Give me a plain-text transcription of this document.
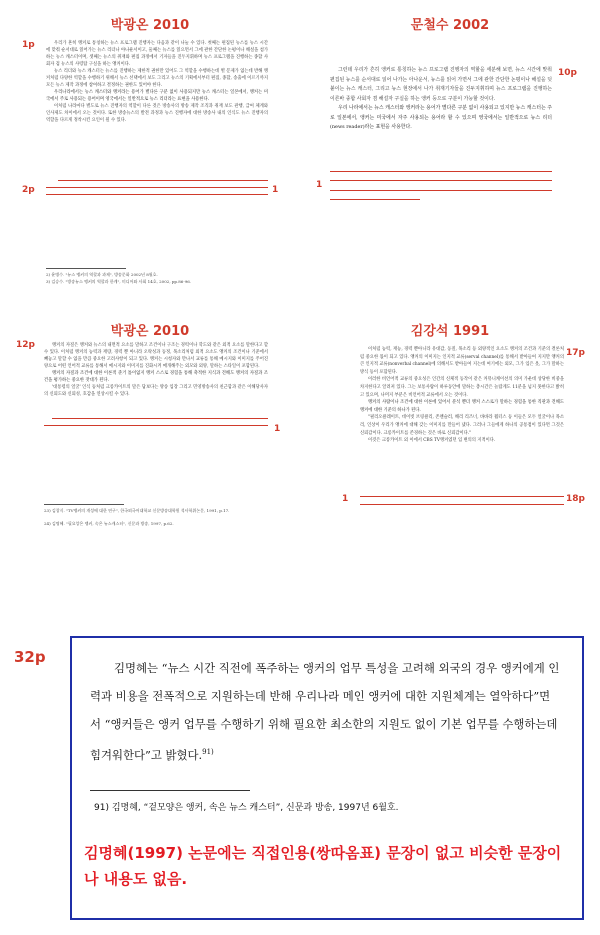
박광온 2010
1p
2p	1

우리가 흔히 앵커로 통칭하는 뉴스 프로그램 진행자는 다음과 같이 나눌 수 있다. 첫째는 편집된 뉴스를 뉴스 시간에 맞춰 순서대로 읽어가는 뉴스 리더나 아나운서이고, 둘째는 뉴스를 읽으면서 그에 관한 간단한 논평이나 해설을 첨가하는 뉴스 캐스터이며, 셋째는 뉴스의 취재와 편집 과정에서 기자들을 진두지휘하며 뉴스 프로그램을 진행하는 종합 사회자 겸 뉴스의 사령탑 구실을 하는 앵커이다.

뉴스 리더와 뉴스 캐스터는 뉴스를 진행하는 제한적 권한만 있어도 그 역할을 수행하는데 별 문제가 없는데 반해 앵커처럼 다양한 역할을 수행하기 위해서 뉴스 선택에서 보도 그리고 뉴스의 기획에서부터 편집, 종합, 송출에 이르기까지 모든 뉴스 제작 과정에 참여하고 결정하는 권한도 있어야 한다.

우리나라에서는 뉴스 캐스터와 앵커라는 용어가 별다른 구분 없이 사용되지만 뉴스 캐스터는 일본에서, 앵커는 미국에서 주로 사용되는 용어이며 영국에서는 일반적으로 뉴스 리더라는 표현을 사용한다.

이처럼 나라마다 별도로 뉴스 진행자의 역할이 다른 것은 방송사의 방송 제작 조직과 취재 보도 관행, 급여 체계와 인사제도 차이에서 오는 것이다. 또한 방송뉴스의 발전 과정과 뉴스 진행자에 대한 방송사 내의 인식도 뉴스 진행자의 역할을 다르게 정착시킨 요인이 될 수 있다.

2) 윤병수. "뉴스 앵커의 역할과 과제", 방송문화 2002년 8월호.
3) 김승수. "방송뉴스 앵커의 역할과 한계", 미디어와 사회 14호, 2002, pp.86-96.
문철수 2002
10p
1

그런데 우리가 흔히 앵커로 통칭하는 뉴스 프로그램 진행자의 역할을 세분해 보면, 뉴스 시간에 맞춰 편집된 뉴스를 순서대로 읽어 나가는 아나운서, 뉴스를 읽어 가면서 그에 관한 간단한 논평이나 해설을 덧붙이는 뉴스 캐스터, 그리고 뉴스 현장에서 나가 취재기자들을 진두지휘하며 뉴스 프로그램을 진행하는 이른바 종합 사회자 겸 해설자 구실을 하는 앵커 등으로 구분이 가능할 것이다.

우리 나라에서는 뉴스 캐스터와 앵커라는 용어가 별다른 구분 없이 사용되고 있지만 뉴스 캐스터는 주로 일본에서, 앵커는 미국에서 자주 사용되는 용어라 할 수 있으며 영국에서는 일반적으로 뉴스 리더(news reader)라는 표현을 사용한다.

박광온 2010
12p
1

앵커의 자질은 앵커와 뉴스의 내면적 요소를 말하고 조건이나 구조는 경력이나 학도와 같은 외적 요소를 말한다고 할 수 있다. 이처럼 앵커의 능력과 재량, 경력 뿐 아니라 오락성과 동정, 목소리처럼 외적 요소도 앵커의 조건이나 기준에서 빼놓고 말할 수 없을 만큼 중요한 고려사항이 되고 있다. 앵커는 시청자와 만나서 교류를 통해 메시지와 이미지를 주어진 양으로 어떤 언어적 교류를 통해서 메시지와 이미지를 진화시켜 매개해주는 외모와 외양, 말하는 스타일이 포함된다.

앵커의 자질과 조건에 대한 이론적 준거 틀이없지 앵커 스스로 경험을 통해 축적한 지식과 견해도 앵커의 자질과 조건을 평가하는 중요한 잣대가 된다.

'대통령의 얼굴' 인식 등처럼 크롱카이트의 말은 답보다는 방송 입장 그리고 민영방송사의 친근함과 같은 이해당사자의 신뢰도와 신뢰성, 호감을 연상시킬 수 있다.

23) 김창식. "TV앵커의 개성에 대한 연구", 한국외국어대학교 신문방송대학원 석사학위논문, 1991, p.17.
24) 김명혜. "필요앙은 앵커, 숙은 뉴스캐스터", 신문과 방송, 1997, p.62.
김강석 1991
17p
18p
1

이처럼 능력, 재능, 경력 뿐아니라 유대감, 동질, 목소리 등 외양적인 요소도 앵커의 조건과 기준의 결론처럼 중요한 몫이 되고 있다. 앵커의 이미지는 인지적 교류(serval channel)를 통해서 받아들여 지지만 앵커의 큰 인지적 교류(nonverbal channel)에 의해서도 받아들여 지는데 여기에는 외모, 그가 입은 옷, 그가 말하는 방식 등이 포함된다.

이러한 비언어적 교류의 중요성은 인간의 신체적 동작이 같은 커뮤니케이션의 의미 가운데 상당한 비중을 차지한다고 알려져 있다. 그는 보통사람이 하루동안에 말하는 총시간은 놀랍게도 11분을 넘지 못한다고 밝히고 있으며, 나머지 부분은 비언어적 교류에서 오는 것이다.

앵커의 사람이나 조건에 대한 이론에 있어서 분석 뿐더 앵커 스스로가 말하는 경험을 통한 직관과 견해도 앵커에 대한 기준의 하나가 된다.

"필리오클레이트, 데이빗 브링클리, 존챈슬러, 해리 리즈너, 바바라 월터스 등 이들은 모두 얼굴이나 목소리, 인상이 우리가 앵커에 대해 갖는 이미지를 만들어 냈다. 그러나 그들에게 하나의 공통점이 있다면 그것은 신뢰감이다. 크롱카이트를 존경하는 것은 바로 신뢰감이다."

이것은 크롱카이트 외 이에서 CBS TV앵커였던 입 변의의 지적이다.

32p
김명혜는 “뉴스 시간 직전에 폭주하는 앵커의 업무 특성을 고려해 외국의 경우 앵커에게 인력과 비용을 전폭적으로 지원하는데 반해 우리나라 메인 앵커에 대한 지원체계는 열악하다”면서 “앵커들은 앵커 업무를 수행하기 위해 필요한 최소한의 지원도 없이 기본 업무를 수행하는데 힘겨워한다”고 밝혔다.$^{91)}$
91) 김명혜, “겉모양은 앵커, 속은 뉴스 캐스터”, 신문과 방송, 1997년 6월호.
김명혜(1997) 논문에는 직접인용(쌍따옴표) 문장이 없고 비슷한 문장이나 내용도 없음.
